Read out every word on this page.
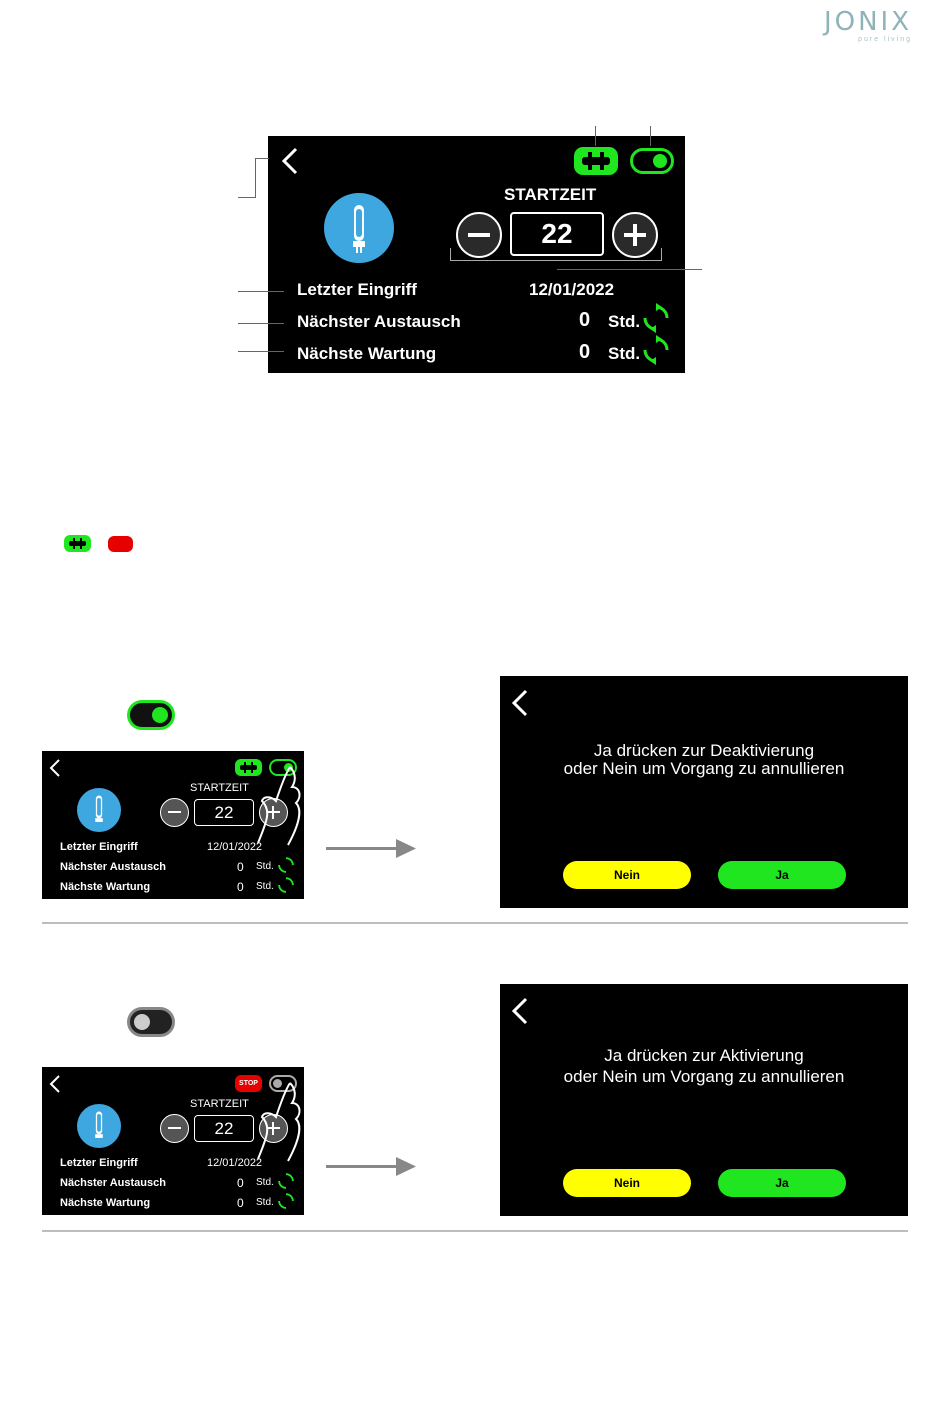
JONIX
pure living
STARTZEIT
22
Letzter Eingriff	12/01/2022
Nächster Austausch	0 Std.
Nächste Wartung	0 Std.
STARTZEIT
22
Letzter Eingriff	12/01/2022
Nächster Austausch	0 Std.
Nächste Wartung	0 Std.
Ja drücken zur Deaktivierung
oder Nein um Vorgang zu annullieren
Nein	Ja
STOP
STARTZEIT
22
Letzter Eingriff	12/01/2022
Nächster Austausch	0 Std.
Nächste Wartung	0 Std.
Ja drücken zur Aktivierung
oder Nein um Vorgang zu annullieren
Nein	Ja
